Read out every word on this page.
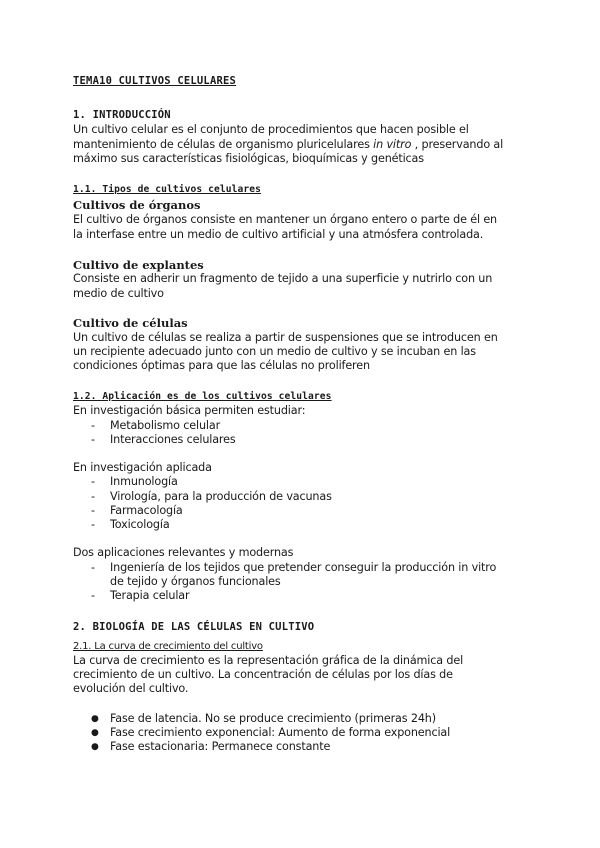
TEMA10 CULTIVOS CELULARES
1. INTRODUCCIÓN
Un cultivo celular es el conjunto de procedimientos que hacen posible el
mantenimiento de células de organismo pluricelulares in vitro , preservando al
máximo sus características fisiológicas, bioquímicas y genéticas
1.1. Tipos de cultivos celulares
Cultivos de órganos
El cultivo de órganos consiste en mantener un órgano entero o parte de él en
la interfase entre un medio de cultivo artificial y una atmósfera controlada.
Cultivo de explantes
Consiste en adherir un fragmento de tejido a una superficie y nutrirlo con un
medio de cultivo
Cultivo de células
Un cultivo de células se realiza a partir de suspensiones que se introducen en
un recipiente adecuado junto con un medio de cultivo y se incuban en las
condiciones óptimas para que las células no proliferen
1.2. Aplicación es de los cultivos celulares
En investigación básica permiten estudiar:
- Metabolismo celular
- Interacciones celulares
En investigación aplicada
- Inmunología
- Virología, para la producción de vacunas
- Farmacología
- Toxicología
Dos aplicaciones relevantes y modernas
- Ingeniería de los tejidos que pretender conseguir la producción in vitro
de tejido y órganos funcionales
- Terapia celular
2. BIOLOGÍA DE LAS CÉLULAS EN CULTIVO
2.1. La curva de crecimiento del cultivo
La curva de crecimiento es la representación gráfica de la dinámica del
crecimiento de un cultivo. La concentración de células por los días de
evolución del cultivo.
● Fase de latencia. No se produce crecimiento (primeras 24h)
● Fase crecimiento exponencial: Aumento de forma exponencial
● Fase estacionaria: Permanece constante
